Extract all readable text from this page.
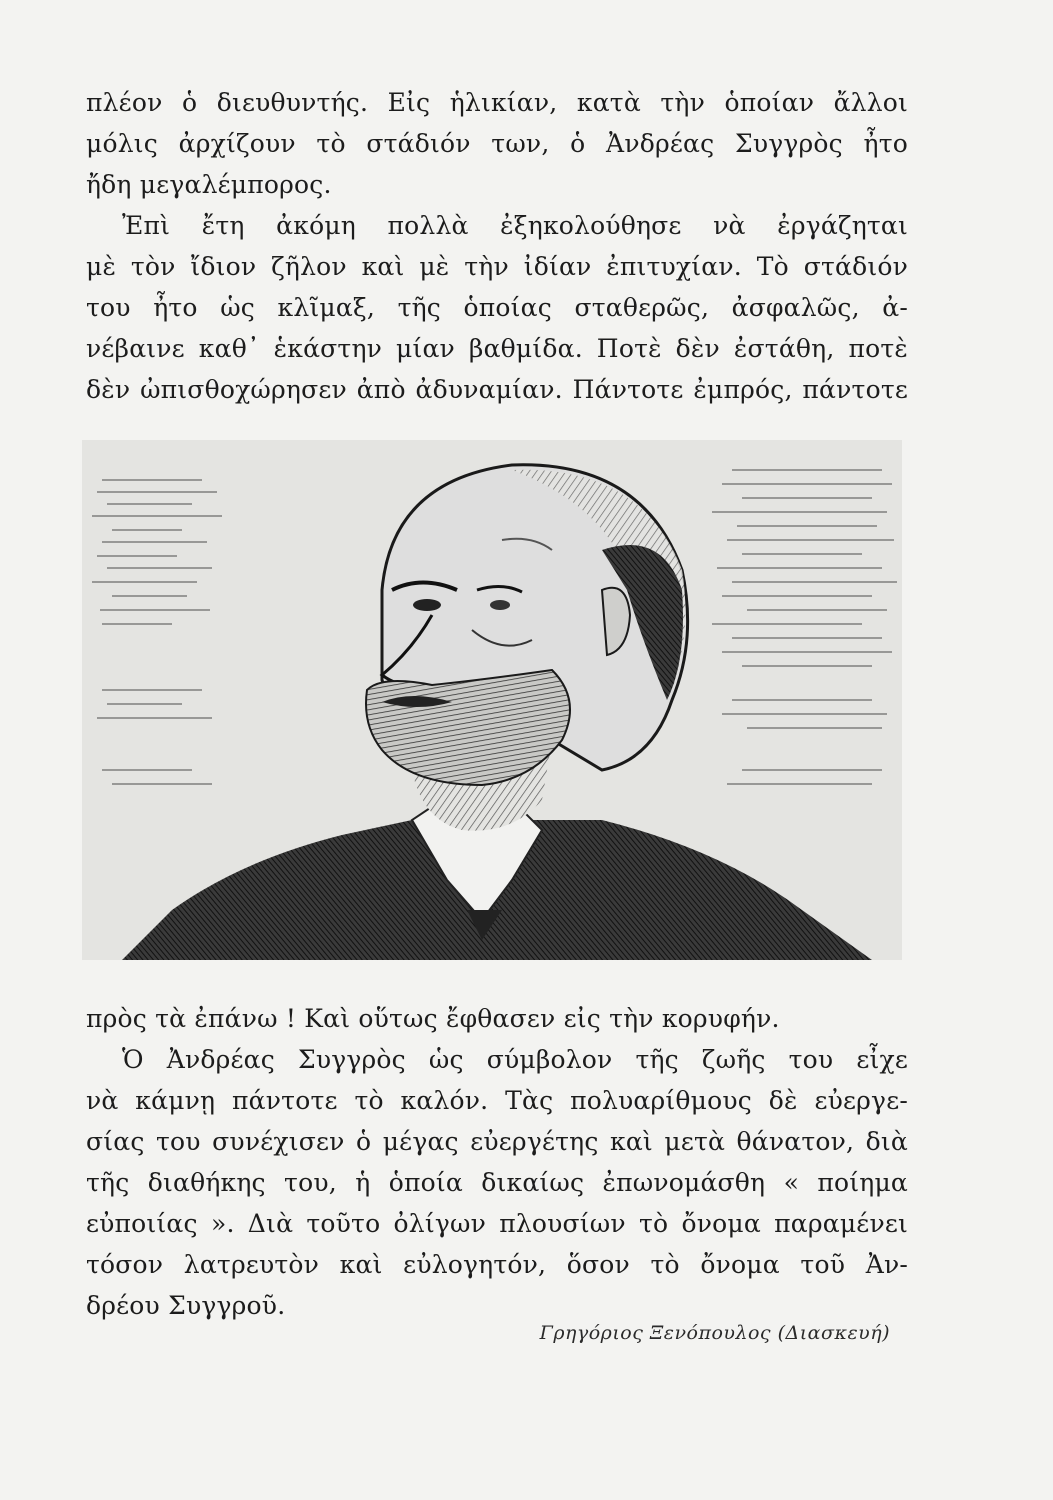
πλέον ὁ διευθυντής. Εἰς ἡλικίαν, κατὰ τὴν ὁποίαν ἄλλοι
μόλις ἀρχίζουν τὸ στάδιόν των, ὁ Ἀνδρέας Συγγρὸς ἦτο
ἤδη μεγαλέμπορος.
Ἐπὶ ἔτη ἀκόμη πολλὰ ἐξηκολούθησε νὰ ἐργάζηται
μὲ τὸν ἴδιον ζῆλον καὶ μὲ τὴν ἰδίαν ἐπιτυχίαν. Τὸ στάδιόν
του ἦτο ὡς κλῖμαξ, τῆς ὁποίας σταθερῶς, ἀσφαλῶς, ἀ-
νέβαινε καθ᾽ ἑκάστην μίαν βαθμίδα. Ποτὲ δὲν ἐστάθη, ποτὲ
δὲν ὠπισθοχώρησεν ἀπὸ ἀδυναμίαν. Πάντοτε ἐμπρός, πάντοτε
πρὸς τὰ ἐπάνω ! Καὶ οὕτως ἔφθασεν εἰς τὴν κορυφήν.
Ὁ Ἀνδρέας Συγγρὸς ὡς σύμβολον τῆς ζωῆς του εἶχε
νὰ κάμνῃ πάντοτε τὸ καλόν. Τὰς πολυαρίθμους δὲ εὐεργε-
σίας του συνέχισεν ὁ μέγας εὐεργέτης καὶ μετὰ θάνατον, διὰ
τῆς διαθήκης του, ἡ ὁποία δικαίως ἐπωνομάσθη « ποίημα
εὐποιίας ». Διὰ τοῦτο ὀλίγων πλουσίων τὸ ὄνομα παραμένει
τόσον λατρευτὸν καὶ εὐλογητόν, ὅσον τὸ ὄνομα τοῦ Ἀν-
δρέου Συγγροῦ.
Γρηγόριος Ξενόπουλος (Διασκευή)
